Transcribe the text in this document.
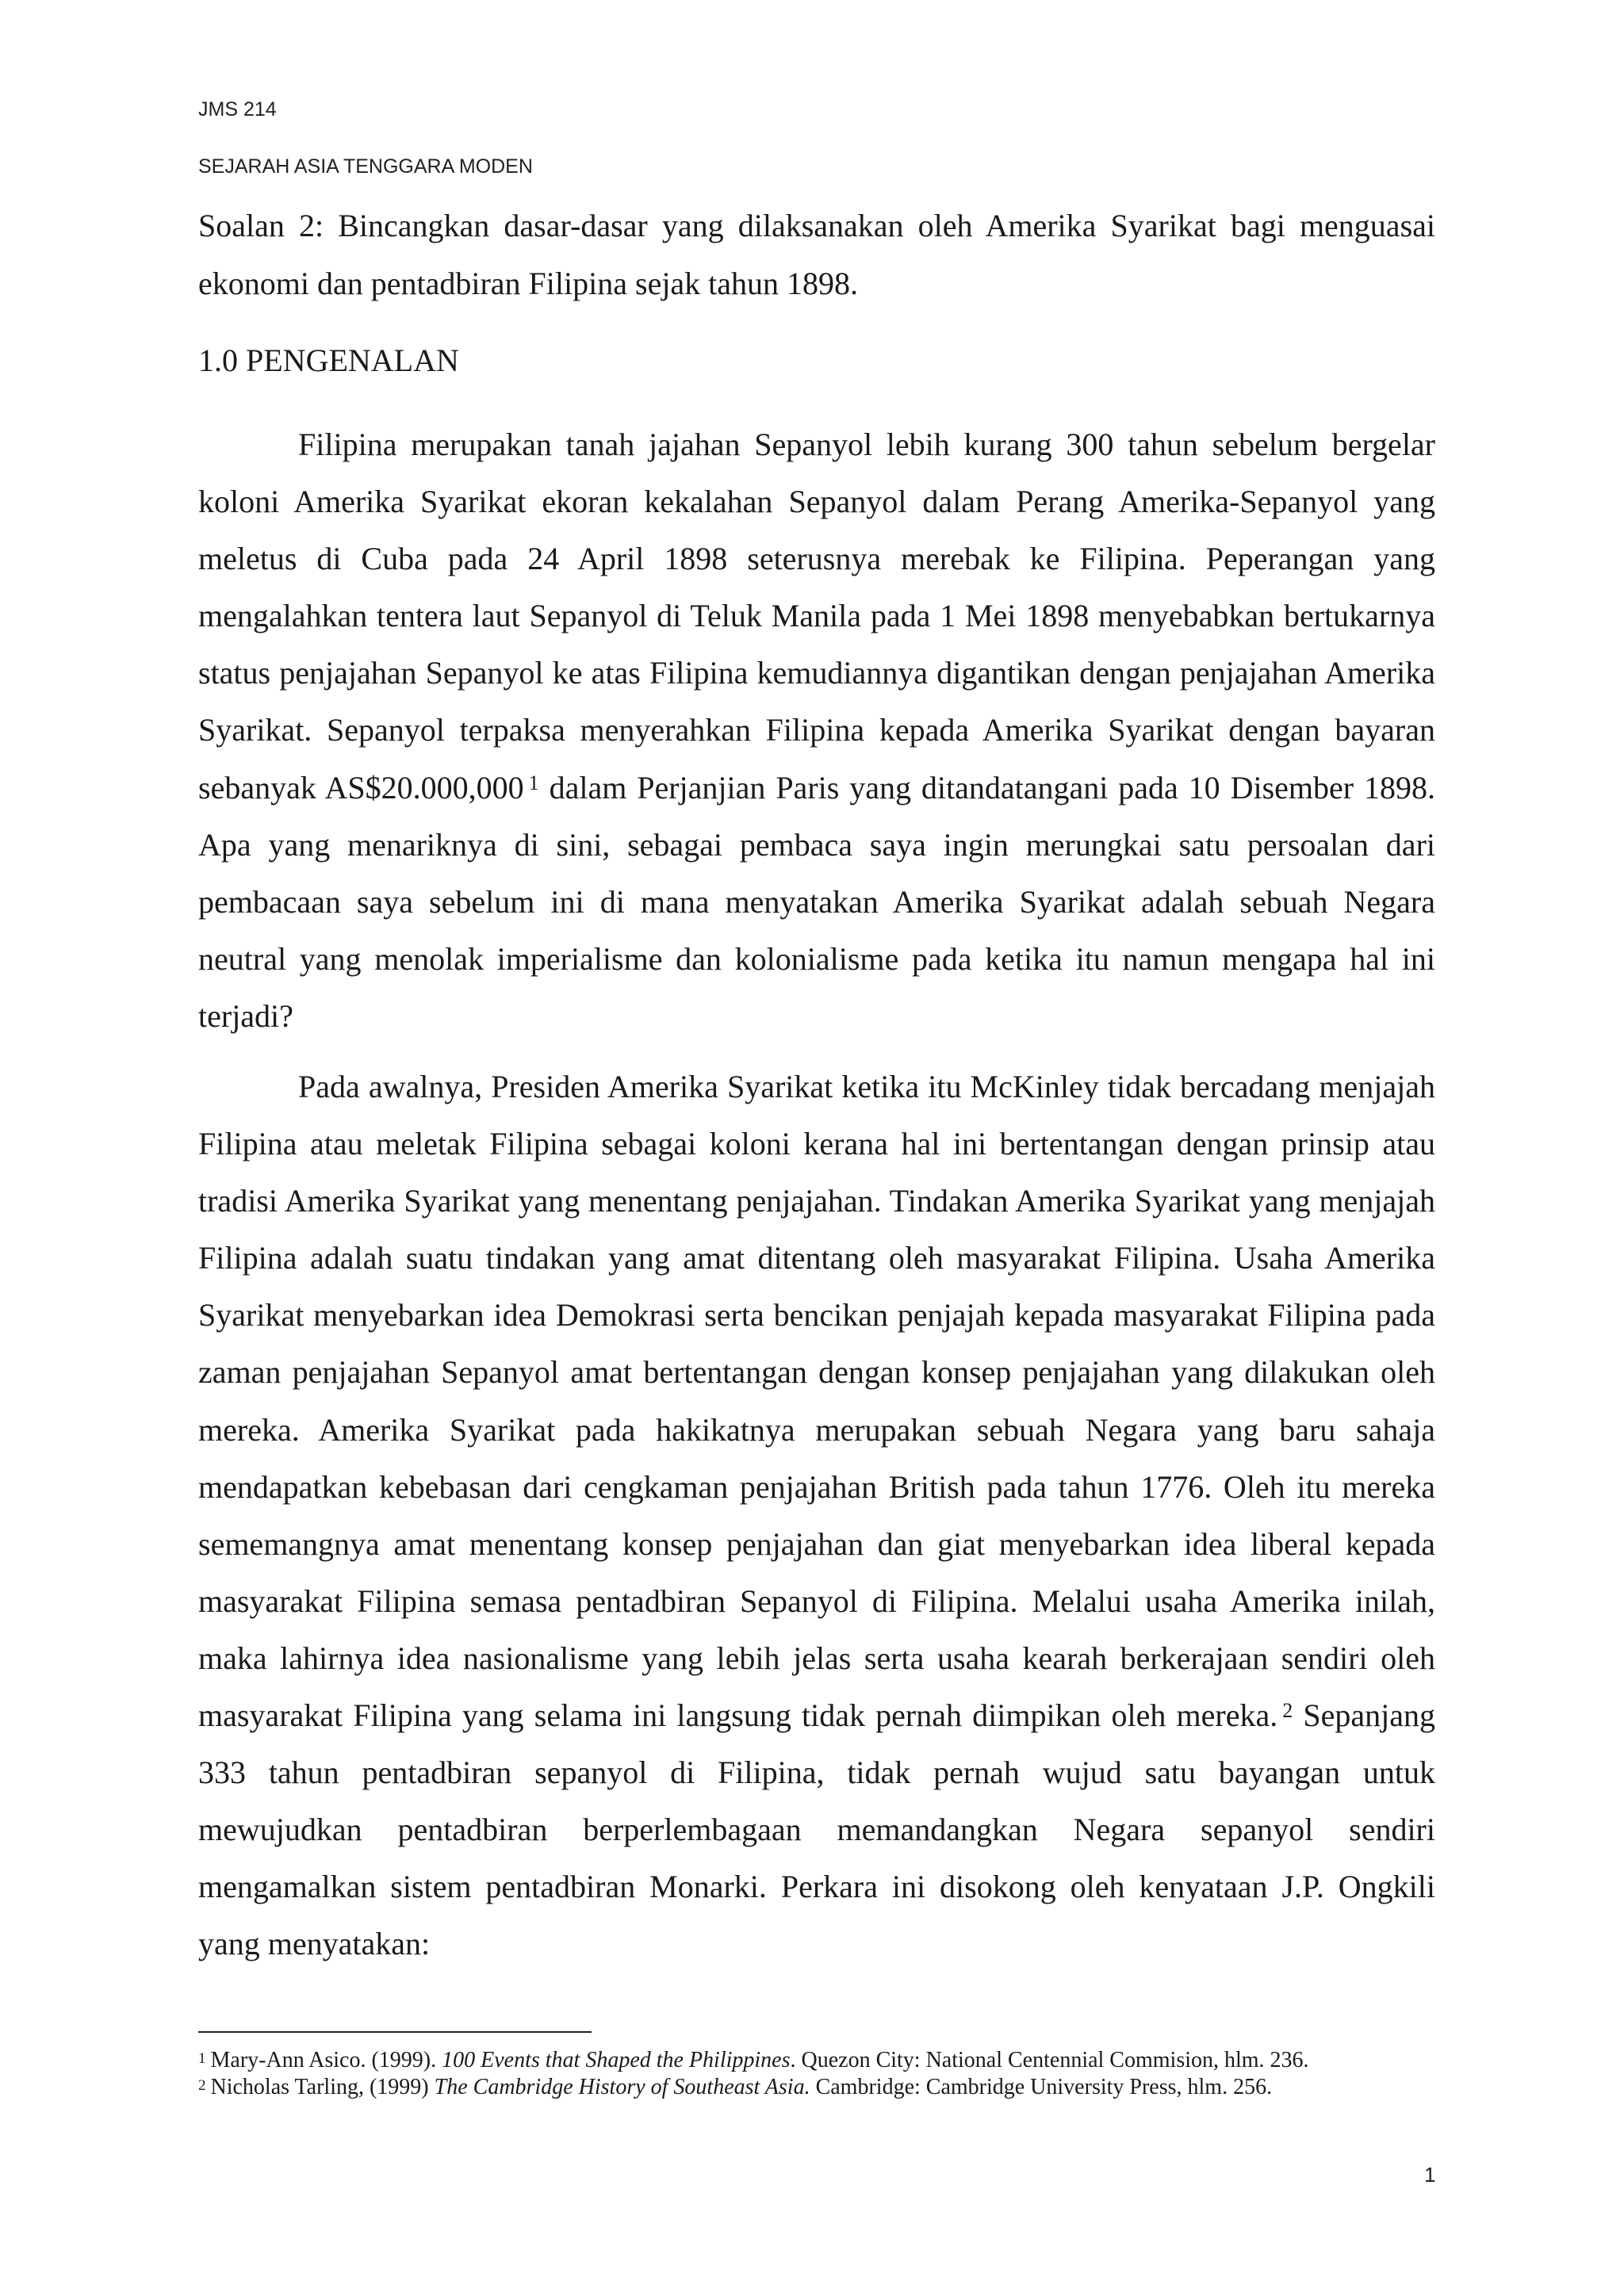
JMS 214
SEJARAH ASIA TENGGARA MODEN
Soalan 2: Bincangkan dasar-dasar yang dilaksanakan oleh Amerika Syarikat bagi menguasai ekonomi dan pentadbiran Filipina sejak tahun 1898.
1.0 PENGENALAN

Filipina merupakan tanah jajahan Sepanyol lebih kurang 300 tahun sebelum bergelar koloni Amerika Syarikat ekoran kekalahan Sepanyol dalam Perang Amerika-Sepanyol yang meletus di Cuba pada 24 April 1898 seterusnya merebak ke Filipina. Peperangan yang mengalahkan tentera laut Sepanyol di Teluk Manila pada 1 Mei 1898 menyebabkan bertukarnya status penjajahan Sepanyol ke atas Filipina kemudiannya digantikan dengan penjajahan Amerika Syarikat. Sepanyol terpaksa menyerahkan Filipina kepada Amerika Syarikat dengan bayaran sebanyak AS$20.000,000 $^1$ dalam Perjanjian Paris yang ditandatangani pada 10 Disember 1898. Apa yang menariknya di sini, sebagai pembaca saya ingin merungkai satu persoalan dari pembacaan saya sebelum ini di mana menyatakan Amerika Syarikat adalah sebuah Negara neutral yang menolak imperialisme dan kolonialisme pada ketika itu namun mengapa hal ini terjadi?

Pada awalnya, Presiden Amerika Syarikat ketika itu McKinley tidak bercadang menjajah Filipina atau meletak Filipina sebagai koloni kerana hal ini bertentangan dengan prinsip atau tradisi Amerika Syarikat yang menentang penjajahan. Tindakan Amerika Syarikat yang menjajah Filipina adalah suatu tindakan yang amat ditentang oleh masyarakat Filipina. Usaha Amerika Syarikat menyebarkan idea Demokrasi serta bencikan penjajah kepada masyarakat Filipina pada zaman penjajahan Sepanyol amat bertentangan dengan konsep penjajahan yang dilakukan oleh mereka. Amerika Syarikat pada hakikatnya merupakan sebuah Negara yang baru sahaja mendapatkan kebebasan dari cengkaman penjajahan British pada tahun 1776. Oleh itu mereka sememangnya amat menentang konsep penjajahan dan giat menyebarkan idea liberal kepada masyarakat Filipina semasa pentadbiran Sepanyol di Filipina. Melalui usaha Amerika inilah, maka lahirnya idea nasionalisme yang lebih jelas serta usaha kearah berkerajaan sendiri oleh masyarakat Filipina yang selama ini langsung tidak pernah diimpikan oleh mereka. $^2$ Sepanjang 333 tahun pentadbiran sepanyol di Filipina, tidak pernah wujud satu bayangan untuk mewujudkan pentadbiran berperlembagaan memandangkan Negara sepanyol sendiri mengamalkan sistem pentadbiran Monarki. Perkara ini disokong oleh kenyataan J.P. Ongkili yang menyatakan:

$^1$ Mary-Ann Asico. (1999). 100 Events that Shaped the Philippines. Quezon City: National Centennial Commision, hlm. 236.
$^2$ Nicholas Tarling, (1999) The Cambridge History of Southeast Asia. Cambridge: Cambridge University Press, hlm. 256.
1
